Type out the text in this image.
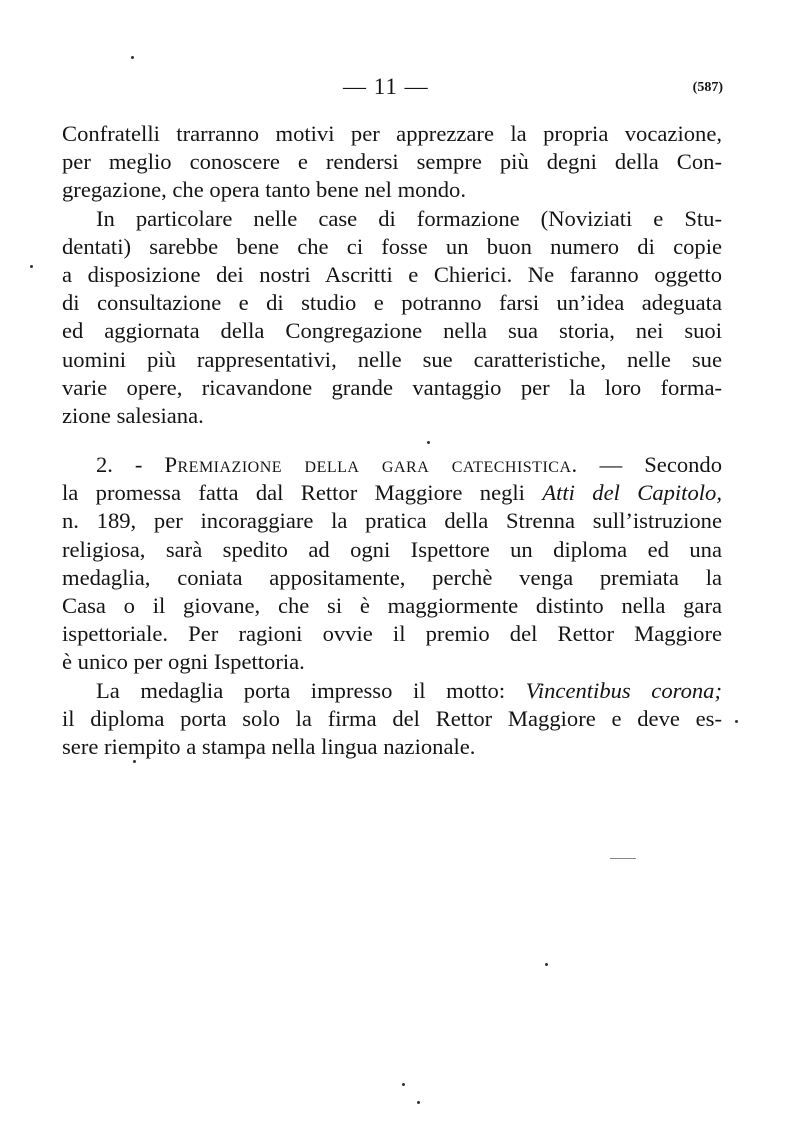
— 11 —	(587)

Confratelli trarranno motivi per apprezzare la propria vocazione,

per meglio conoscere e rendersi sempre più degni della Con-

gregazione, che opera tanto bene nel mondo.

In particolare nelle case di formazione (Noviziati e Stu-

dentati) sarebbe bene che ci fosse un buon numero di copie

a disposizione dei nostri Ascritti e Chierici. Ne faranno oggetto

di consultazione e di studio e potranno farsi un’idea adeguata

ed aggiornata della Congregazione nella sua storia, nei suoi

uomini più rappresentativi, nelle sue caratteristiche, nelle sue

varie opere, ricavandone grande vantaggio per la loro forma-

zione salesiana.

2. - Premiazione della gara catechistica. — Secondo

la promessa fatta dal Rettor Maggiore negli Atti del Capitolo,

n. 189, per incoraggiare la pratica della Strenna sull’istruzione

religiosa, sarà spedito ad ogni Ispettore un diploma ed una

medaglia, coniata appositamente, perchè venga premiata la

Casa o il giovane, che si è maggiormente distinto nella gara

ispettoriale. Per ragioni ovvie il premio del Rettor Maggiore

è unico per ogni Ispettoria.

La medaglia porta impresso il motto: Vincentibus corona;

il diploma porta solo la firma del Rettor Maggiore e deve es-

sere riempito a stampa nella lingua nazionale.
